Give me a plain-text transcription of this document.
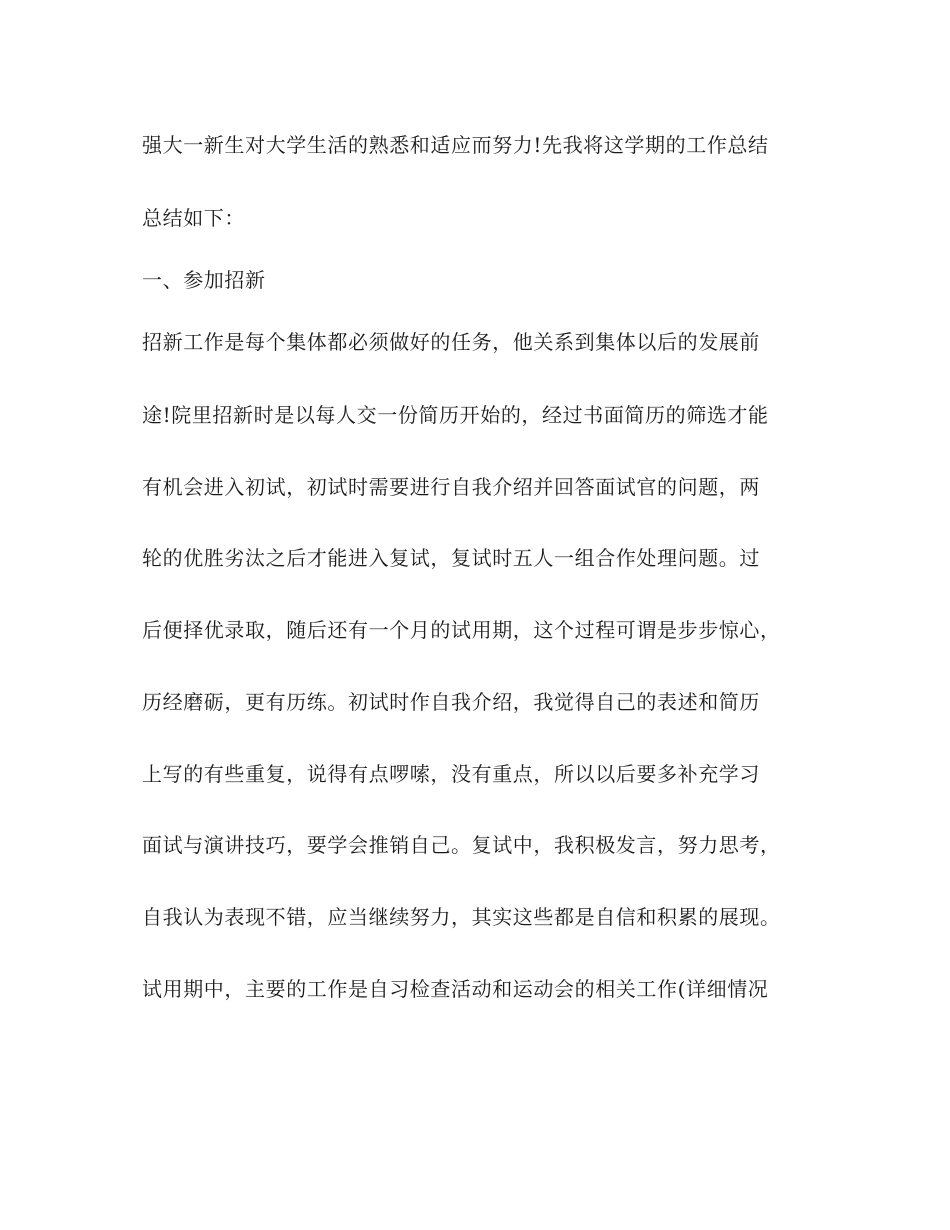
强大一新生对大学生活的熟悉和适应而努力!先我将这学期的工作总结
总结如下：
一、参加招新
招新工作是每个集体都必须做好的任务，他关系到集体以后的发展前
途!院里招新时是以每人交一份简历开始的，经过书面简历的筛选才能
有机会进入初试，初试时需要进行自我介绍并回答面试官的问题，两
轮的优胜劣汰之后才能进入复试，复试时五人一组合作处理问题。过
后便择优录取，随后还有一个月的试用期，这个过程可谓是步步惊心，
历经磨砺，更有历练。初试时作自我介绍，我觉得自己的表述和简历
上写的有些重复，说得有点啰嗦，没有重点，所以以后要多补充学习
面试与演讲技巧，要学会推销自己。复试中，我积极发言，努力思考，
自我认为表现不错，应当继续努力，其实这些都是自信和积累的展现。
试用期中，主要的工作是自习检查活动和运动会的相关工作(详细情况
